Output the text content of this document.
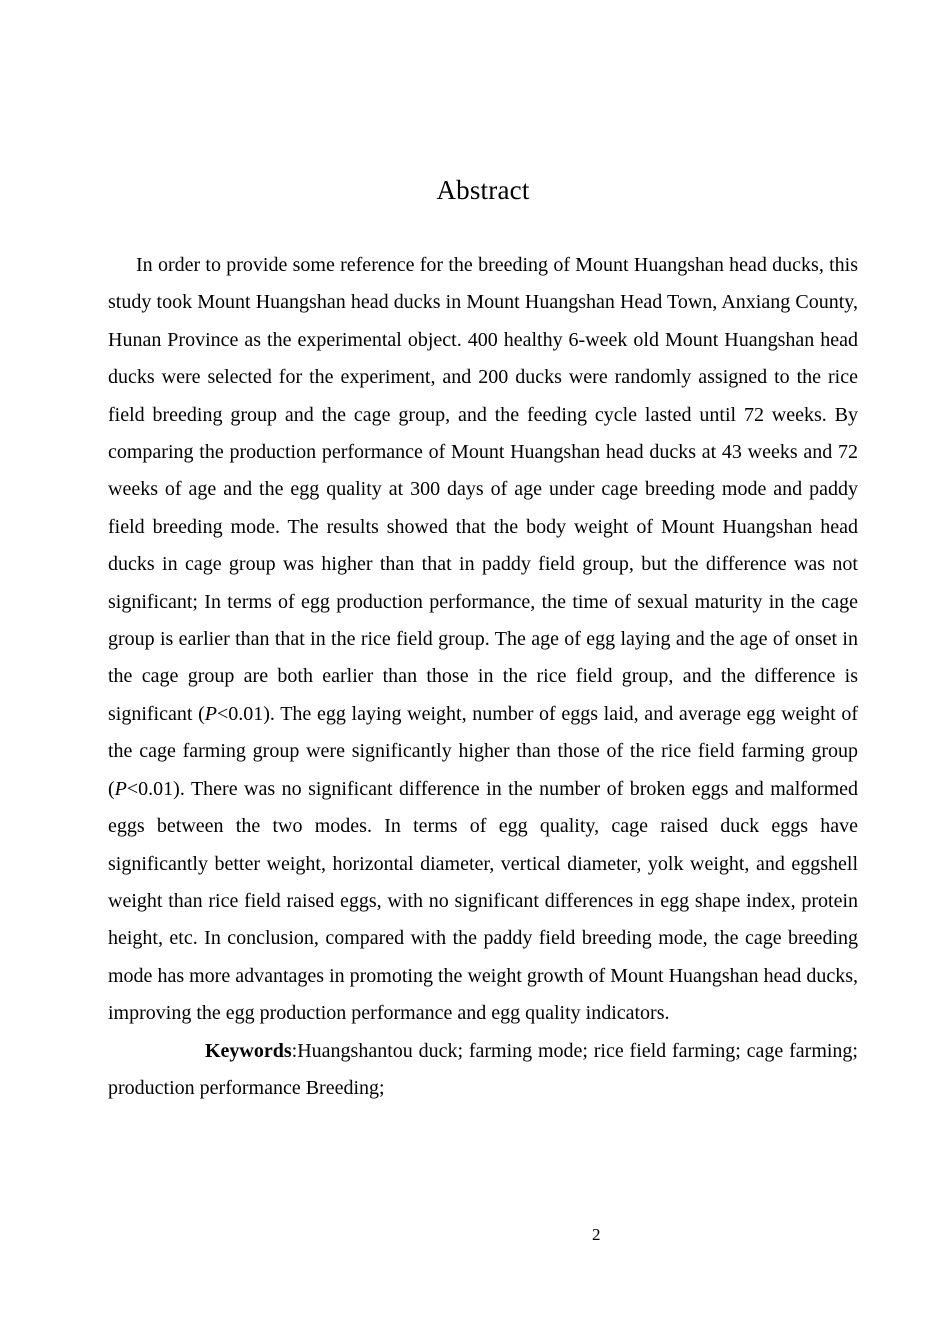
Abstract

In order to provide some reference for the breeding of Mount Huangshan head ducks, this study took Mount Huangshan head ducks in Mount Huangshan Head Town, Anxiang County, Hunan Province as the experimental object. 400 healthy 6-week old Mount Huangshan head ducks were selected for the experiment, and 200 ducks were randomly assigned to the rice field breeding group and the cage group, and the feeding cycle lasted until 72 weeks. By comparing the production performance of Mount Huangshan head ducks at 43 weeks and 72 weeks of age and the egg quality at 300 days of age under cage breeding mode and paddy field breeding mode. The results showed that the body weight of Mount Huangshan head ducks in cage group was higher than that in paddy field group, but the difference was not significant; In terms of egg production performance, the time of sexual maturity in the cage group is earlier than that in the rice field group. The age of egg laying and the age of onset in the cage group are both earlier than those in the rice field group, and the difference is significant (P<0.01). The egg laying weight, number of eggs laid, and average egg weight of the cage farming group were significantly higher than those of the rice field farming group (P<0.01). There was no significant difference in the number of broken eggs and malformed eggs between the two modes. In terms of egg quality, cage raised duck eggs have significantly better weight, horizontal diameter, vertical diameter, yolk weight, and eggshell weight than rice field raised eggs, with no significant differences in egg shape index, protein height, etc. In conclusion, compared with the paddy field breeding mode, the cage breeding mode has more advantages in promoting the weight growth of Mount Huangshan head ducks, improving the egg production performance and egg quality indicators.

Keywords:Huangshantou duck; farming mode; rice field farming; cage farming; production performance Breeding;

2
